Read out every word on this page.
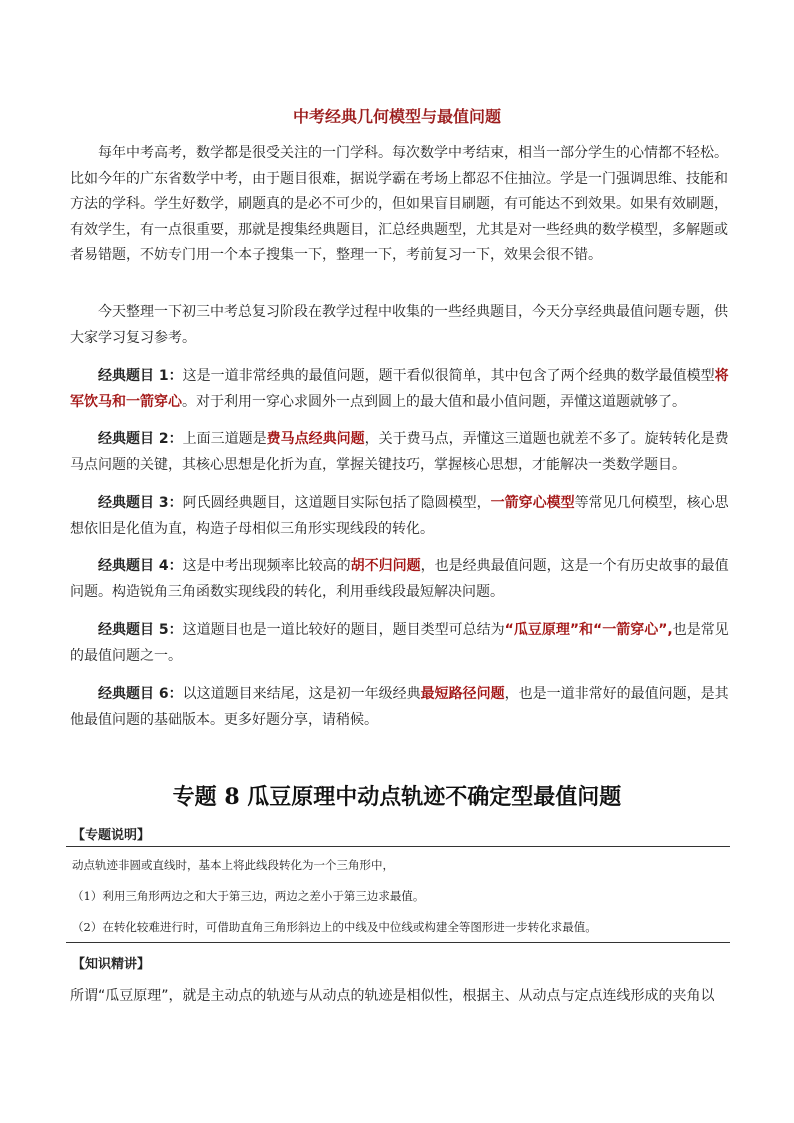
中考经典几何模型与最值问题
每年中考高考，数学都是很受关注的一门学科。每次数学中考结束，相当一部分学生的心情都不轻松。比如今年的广东省数学中考，由于题目很难，据说学霸在考场上都忍不住抽泣。学是一门强调思维、技能和方法的学科。学生好数学，刷题真的是必不可少的，但如果盲目刷题，有可能达不到效果。如果有效刷题，有效学生，有一点很重要，那就是搜集经典题目，汇总经典题型，尤其是对一些经典的数学模型，多解题或者易错题，不妨专门用一个本子搜集一下，整理一下，考前复习一下，效果会很不错。
今天整理一下初三中考总复习阶段在教学过程中收集的一些经典题目，今天分享经典最值问题专题，供大家学习复习参考。
经典题目 1：这是一道非常经典的最值问题，题干看似很简单，其中包含了两个经典的数学最值模型将军饮马和一箭穿心。对于利用一穿心求圆外一点到圆上的最大值和最小值问题，弄懂这道题就够了。
经典题目 2：上面三道题是费马点经典问题，关于费马点，弄懂这三道题也就差不多了。旋转转化是费马点问题的关键，其核心思想是化折为直，掌握关键技巧，掌握核心思想，才能解决一类数学题目。
经典题目 3：阿氏圆经典题目，这道题目实际包括了隐圆模型，一箭穿心模型等常见几何模型，核心思想依旧是化值为直，构造子母相似三角形实现线段的转化。
经典题目 4：这是中考出现频率比较高的胡不归问题，也是经典最值问题，这是一个有历史故事的最值问题。构造锐角三角函数实现线段的转化，利用垂线段最短解决问题。
经典题目 5：这道题目也是一道比较好的题目，题目类型可总结为“瓜豆原理”和“一箭穿心”,也是常见的最值问题之一。
经典题目 6：以这道题目来结尾，这是初一年级经典最短路径问题，也是一道非常好的最值问题，是其他最值问题的基础版本。更多好题分享，请稍候。
专题 8 瓜豆原理中动点轨迹不确定型最值问题
【专题说明】
动点轨迹非圆或直线时，基本上将此线段转化为一个三角形中，
（1）利用三角形两边之和大于第三边，两边之差小于第三边求最值。
（2）在转化较难进行时，可借助直角三角形斜边上的中线及中位线或构建全等图形进一步转化求最值。
【知识精讲】
所谓“瓜豆原理”，就是主动点的轨迹与从动点的轨迹是相似性，根据主、从动点与定点连线形成的夹角以
